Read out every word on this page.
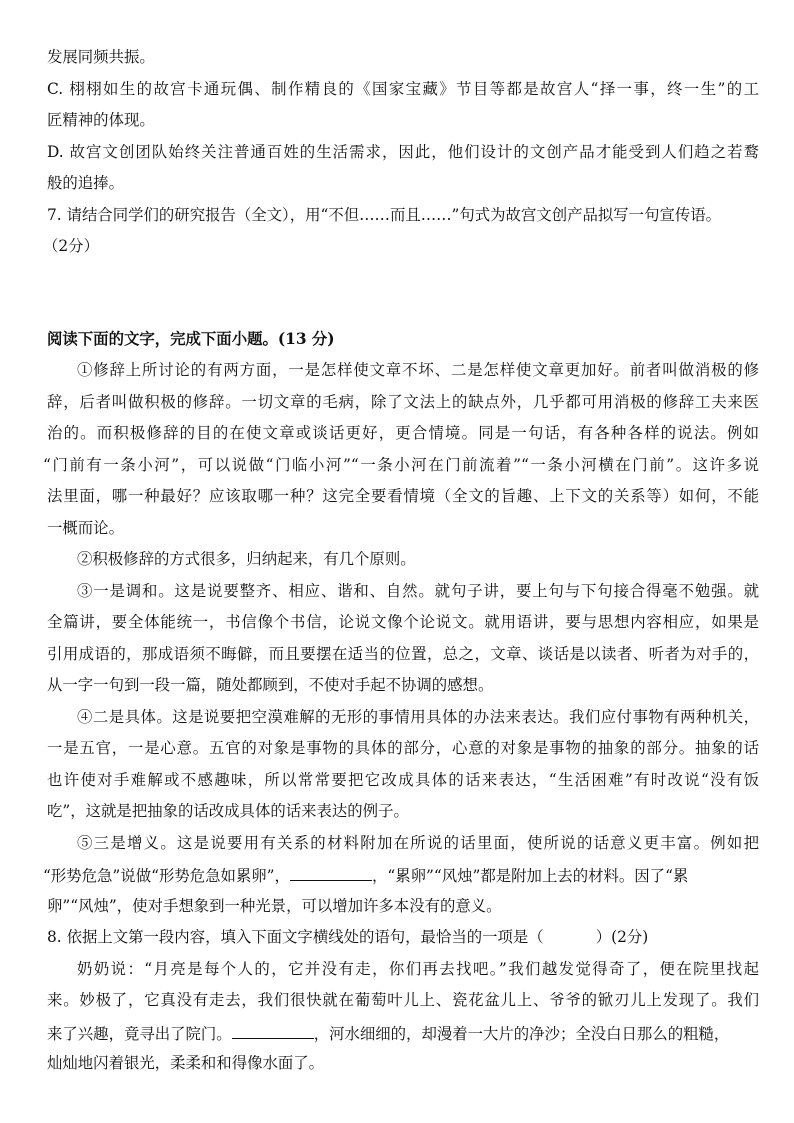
发展同频共振。
C. 栩栩如生的故宫卡通玩偶、制作精良的《国家宝藏》节目等都是故宫人“择一事，终一生”的工
匠精神的体现。
D. 故宫文创团队始终关注普通百姓的生活需求，因此，他们设计的文创产品才能受到人们趋之若鹜
般的追捧。
7. 请结合同学们的研究报告（全文），用“不但……而且……”句式为故宫文创产品拟写一句宣传语。
（2分）
阅读下面的文字，完成下面小题。(13 分)
①修辞上所讨论的有两方面，一是怎样使文章不坏、二是怎样使文章更加好。前者叫做消极的修
辞，后者叫做积极的修辞。一切文章的毛病，除了文法上的缺点外，几乎都可用消极的修辞工夫来医
治的。而积极修辞的目的在使文章或谈话更好，更合情境。同是一句话，有各种各样的说法。例如
“门前有一条小河”，可以说做“门临小河”“一条小河在门前流着”“一条小河横在门前”。这许多说
法里面，哪一种最好？应该取哪一种？这完全要看情境（全文的旨趣、上下文的关系等）如何，不能
一概而论。
②积极修辞的方式很多，归纳起来，有几个原则。
③一是调和。这是说要整齐、相应、谐和、自然。就句子讲，要上句与下句接合得毫不勉强。就
全篇讲，要全体能统一，书信像个书信，论说文像个论说文。就用语讲，要与思想内容相应，如果是
引用成语的，那成语须不晦僻，而且要摆在适当的位置，总之，文章、谈话是以读者、听者为对手的，
从一字一句到一段一篇，随处都顾到，不使对手起不协调的感想。
④二是具体。这是说要把空漠难解的无形的事情用具体的办法来表达。我们应付事物有两种机关，
一是五官，一是心意。五官的对象是事物的具体的部分，心意的对象是事物的抽象的部分。抽象的话
也许使对手难解或不感趣味，所以常常要把它改成具体的话来表达，“生活困难”有时改说“没有饭
吃”，这就是把抽象的话改成具体的话来表达的例子。
⑤三是增义。这是说要用有关系的材料附加在所说的话里面，使所说的话意义更丰富。例如把
“形势危急”说做“形势危急如累卵”，	，“累卵”“风烛”都是附加上去的材料。因了“累
卵”“风烛”，使对手想象到一种光景，可以增加许多本没有的意义。
8. 依据上文第一段内容，填入下面文字横线处的语句，最恰当的一项是（	）(2分)
奶奶说：“月亮是每个人的，它并没有走，你们再去找吧。”我们越发觉得奇了，便在院里找起
来。妙极了，它真没有走去，我们很快就在葡萄叶儿上、瓷花盆儿上、爷爷的锨刃儿上发现了。我们
来了兴趣，竟寻出了院门。	，河水细细的，却漫着一大片的净沙；全没白日那么的粗糙，
灿灿地闪着银光，柔柔和和得像水面了。
